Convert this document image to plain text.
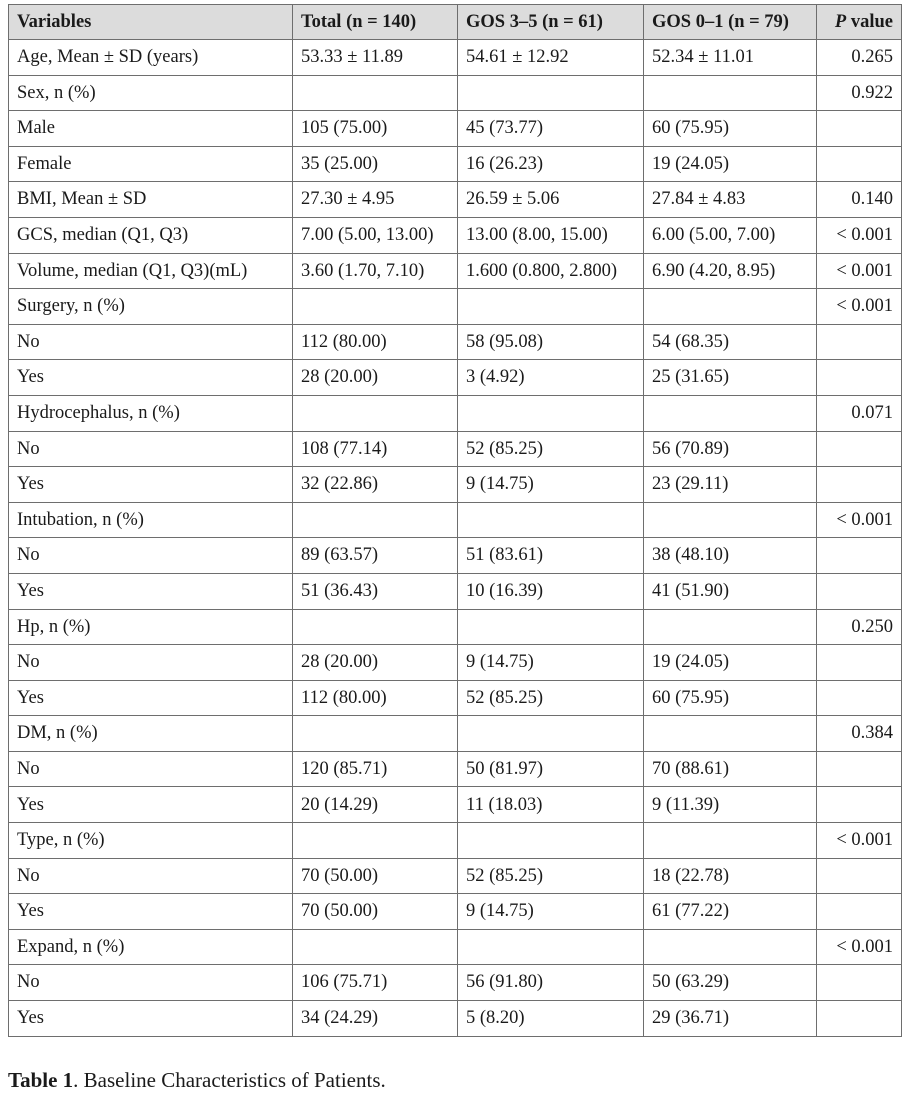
Variables	Total (n = 140)	GOS 3–5 (n = 61)	GOS 0–1 (n = 79)	P value
Age, Mean ± SD (years)	53.33 ± 11.89	54.61 ± 12.92	52.34 ± 11.01	0.265
Sex, n (%)				0.922
Male	105 (75.00)	45 (73.77)	60 (75.95)	
Female	35 (25.00)	16 (26.23)	19 (24.05)	
BMI, Mean ± SD	27.30 ± 4.95	26.59 ± 5.06	27.84 ± 4.83	0.140
GCS, median (Q1, Q3)	7.00 (5.00, 13.00)	13.00 (8.00, 15.00)	6.00 (5.00, 7.00)	< 0.001
Volume, median (Q1, Q3)(mL)	3.60 (1.70, 7.10)	1.600 (0.800, 2.800)	6.90 (4.20, 8.95)	< 0.001
Surgery, n (%)				< 0.001
No	112 (80.00)	58 (95.08)	54 (68.35)	
Yes	28 (20.00)	3 (4.92)	25 (31.65)	
Hydrocephalus, n (%)				0.071
No	108 (77.14)	52 (85.25)	56 (70.89)	
Yes	32 (22.86)	9 (14.75)	23 (29.11)	
Intubation, n (%)				< 0.001
No	89 (63.57)	51 (83.61)	38 (48.10)	
Yes	51 (36.43)	10 (16.39)	41 (51.90)	
Hp, n (%)				0.250
No	28 (20.00)	9 (14.75)	19 (24.05)	
Yes	112 (80.00)	52 (85.25)	60 (75.95)	
DM, n (%)				0.384
No	120 (85.71)	50 (81.97)	70 (88.61)	
Yes	20 (14.29)	11 (18.03)	9 (11.39)	
Type, n (%)				< 0.001
No	70 (50.00)	52 (85.25)	18 (22.78)	
Yes	70 (50.00)	9 (14.75)	61 (77.22)	
Expand, n (%)				< 0.001
No	106 (75.71)	56 (91.80)	50 (63.29)	
Yes	34 (24.29)	5 (8.20)	29 (36.71)	
Table 1. Baseline Characteristics of Patients.
